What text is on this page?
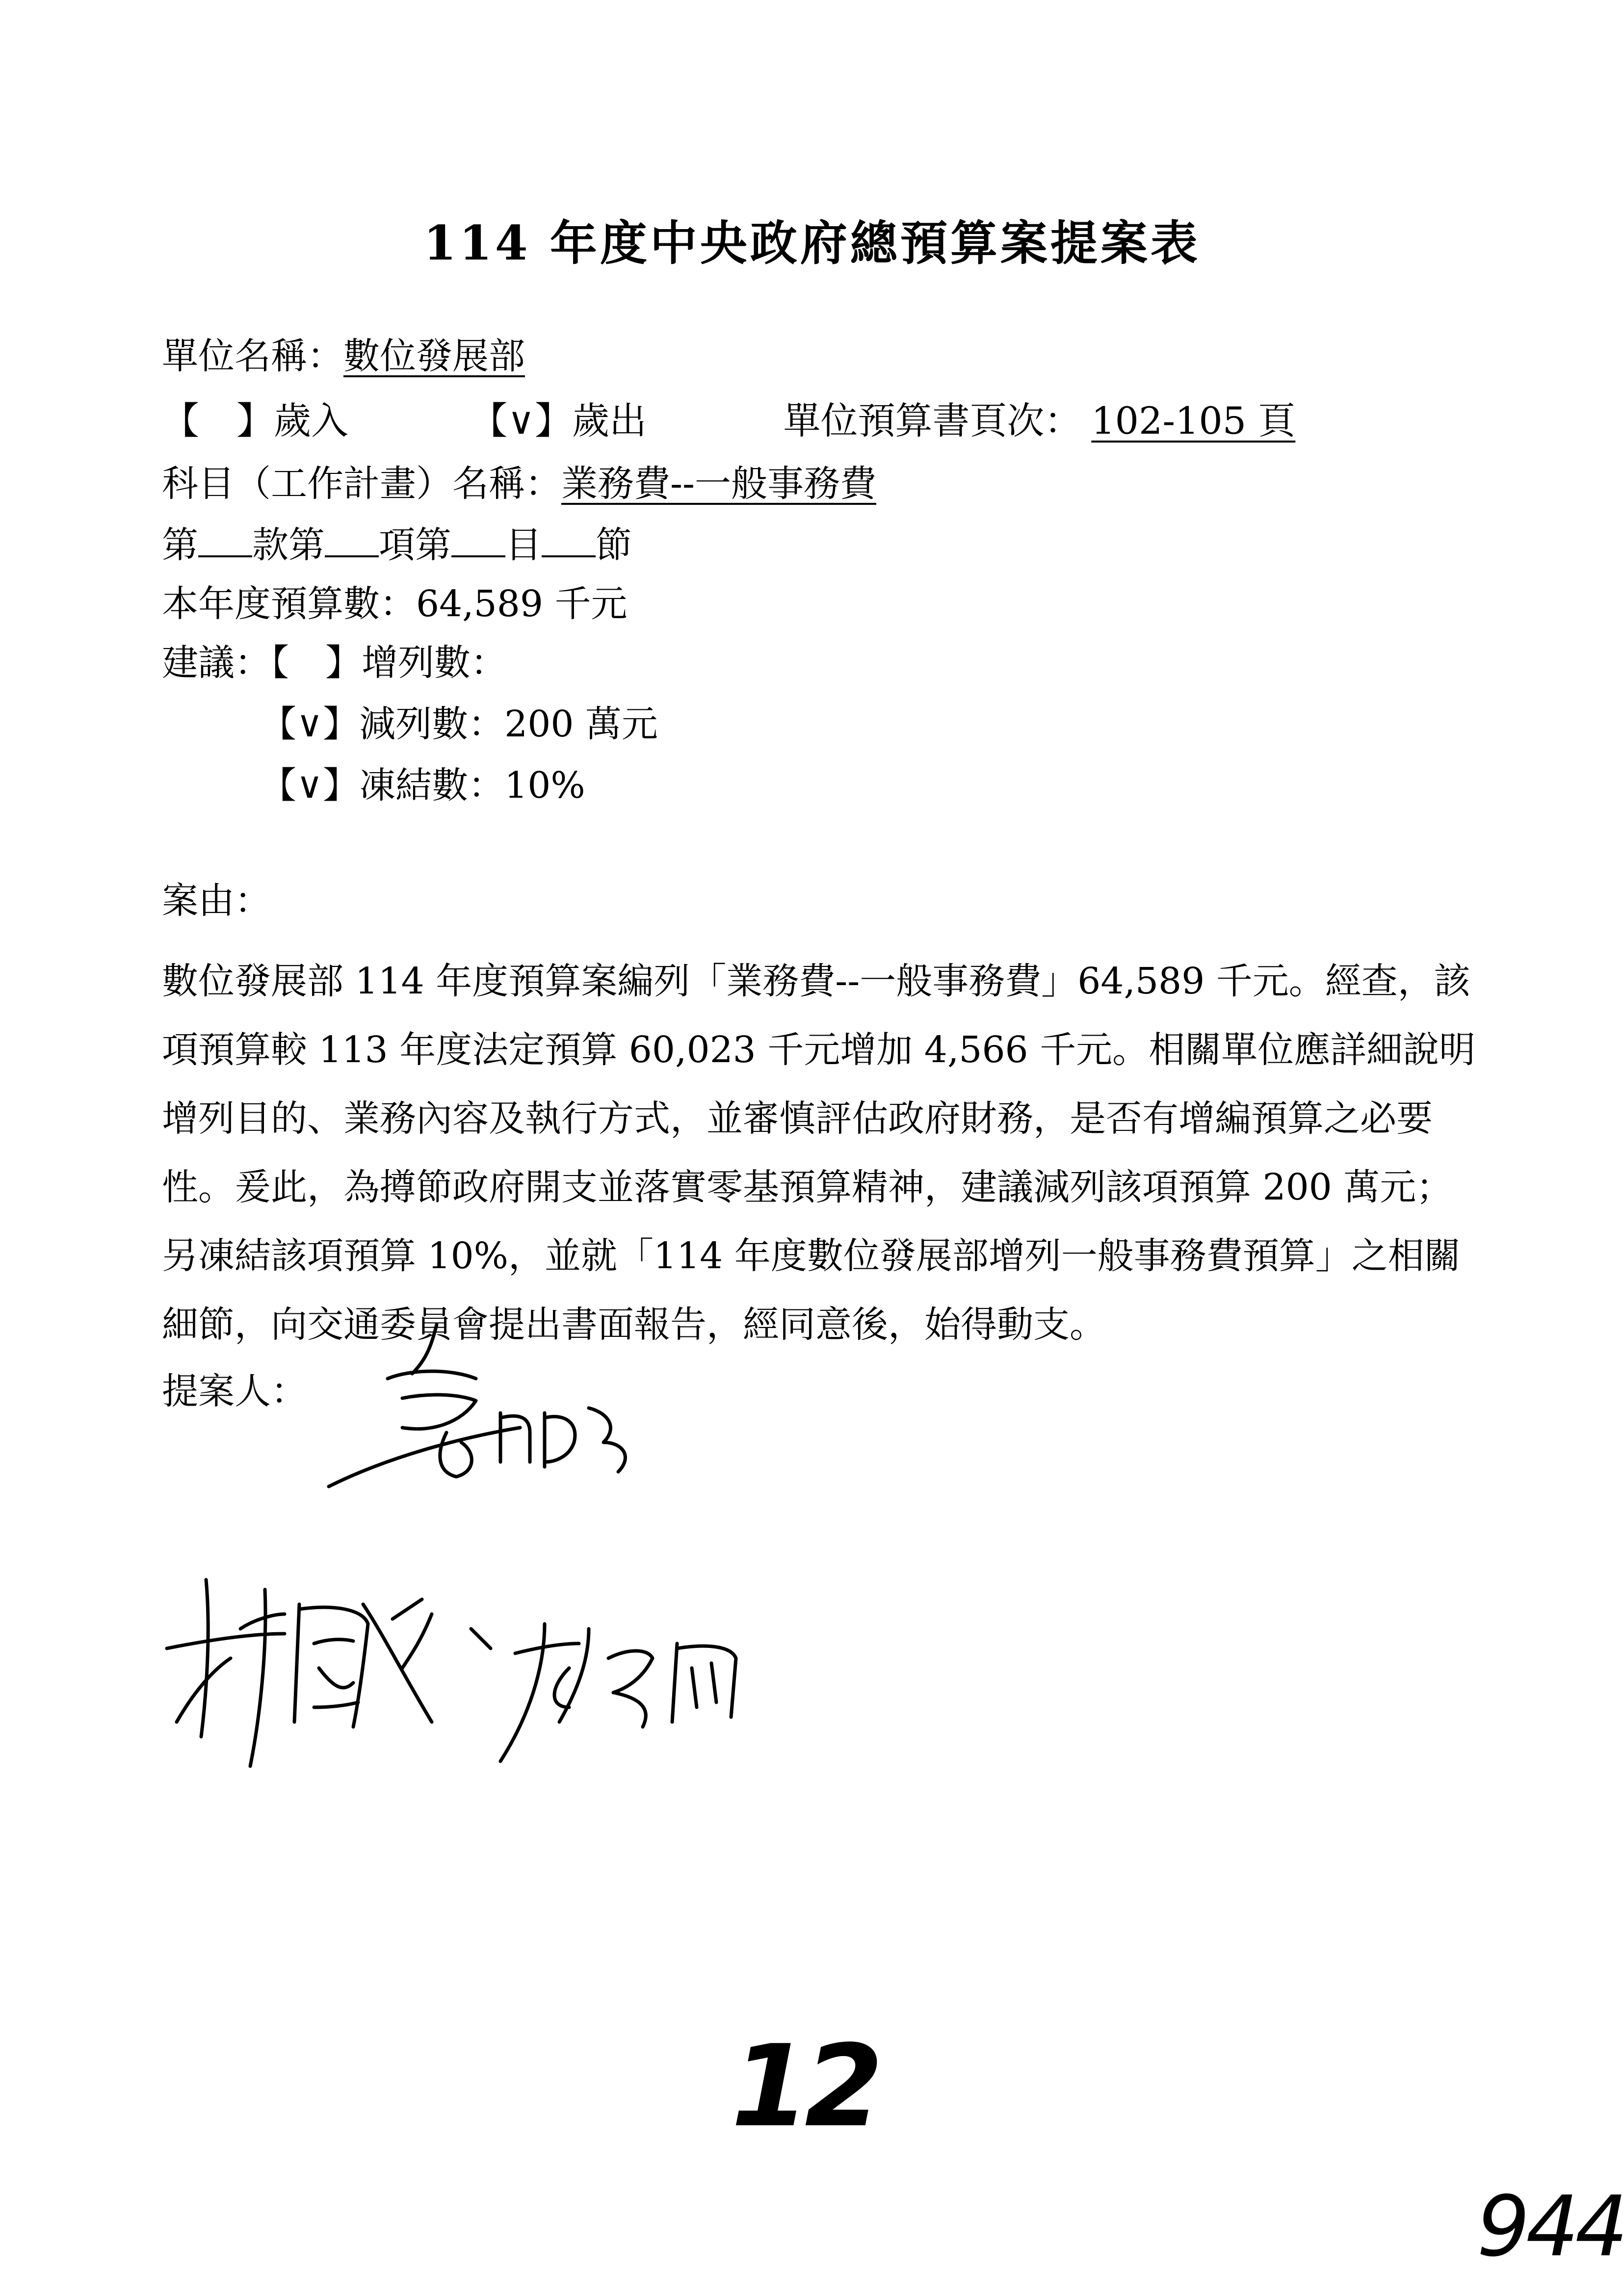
114 年度中央政府總預算案提案表
單位名稱：數位發展部
【　】歲入	【∨】歲出	單位預算書頁次： 102-105 頁
科目（工作計畫）名稱：業務費--一般事務費
第 款第 項第 目 節
本年度預算數：64,589 千元
建議：【　】增列數：
【∨】減列數：200 萬元
【∨】凍結數：10%
案由：
數位發展部 114 年度預算案編列「業務費--一般事務費」64,589 千元。經查，該
項預算較 113 年度法定預算 60,023 千元增加 4,566 千元。相關單位應詳細說明
增列目的、業務內容及執行方式，並審慎評估政府財務，是否有增編預算之必要
性。爰此，為撙節政府開支並落實零基預算精神，建議減列該項預算 200 萬元；
另凍結該項預算 10%，並就「114 年度數位發展部增列一般事務費預算」之相關
細節，向交通委員會提出書面報告，經同意後，始得動支。
提案人：
12
944
